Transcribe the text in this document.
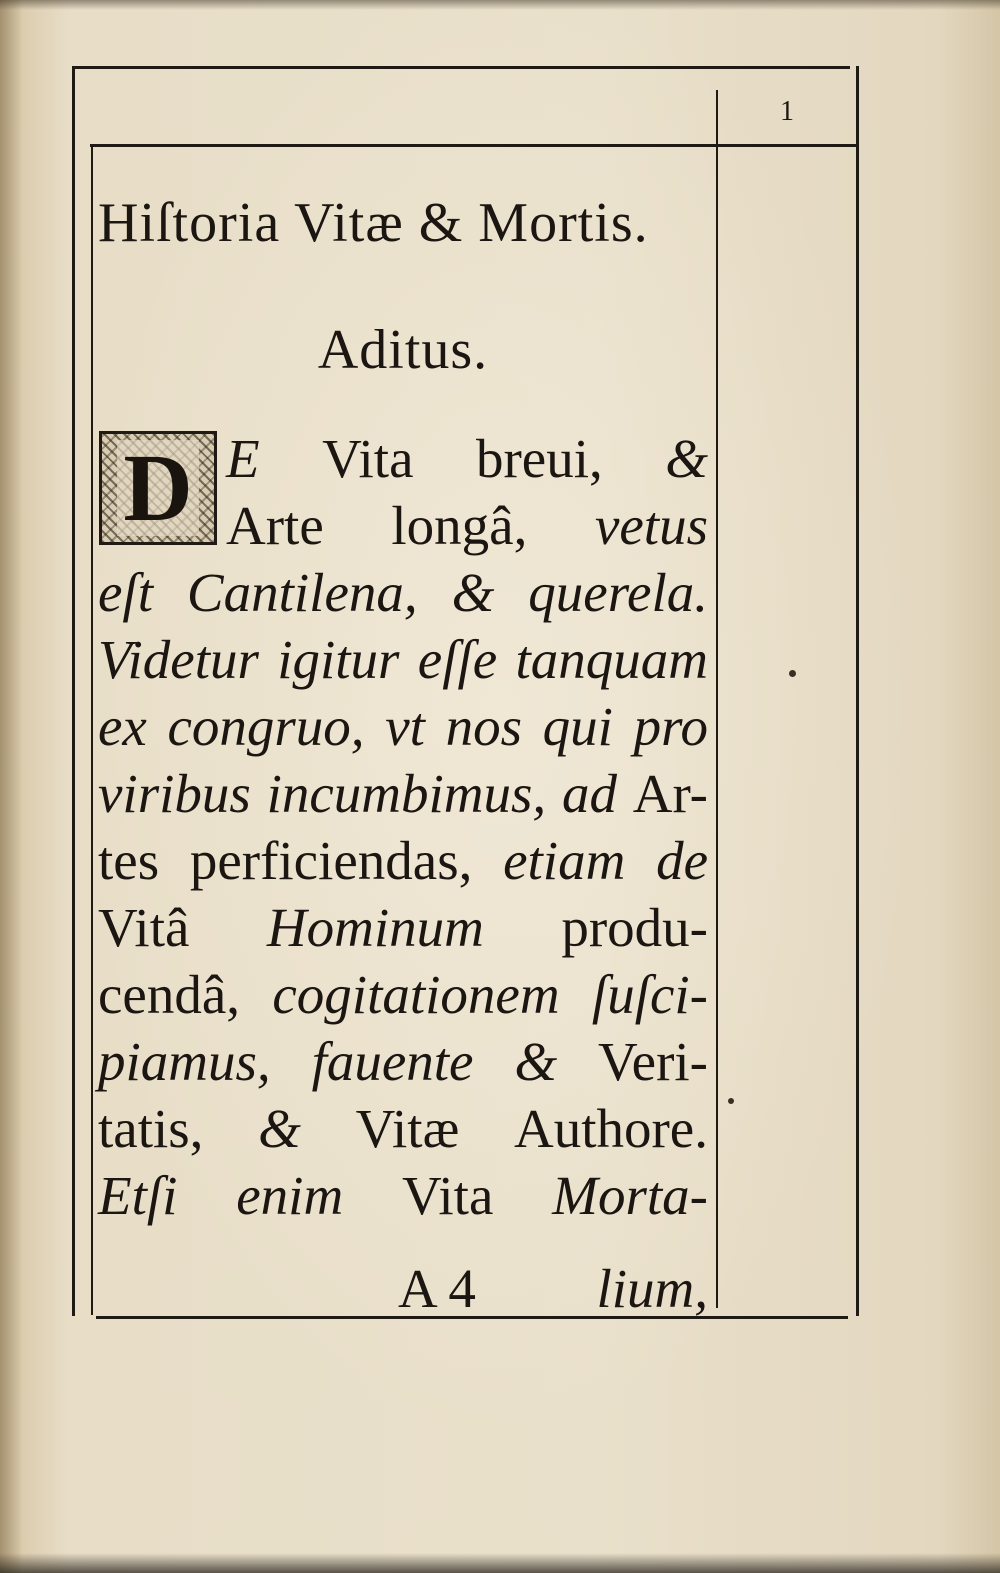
1
Hiſtoria Vitæ & Mortis.
Aditus.
D E Vita breui, &
Arte longâ, vetus
eſt Cantilena, & querela.
Videtur igitur eſſe tanquam
ex congruo, vt nos qui pro
viribus incumbimus, ad Ar-
tes perficiendas, etiam de
Vitâ Hominum produ-
cendâ, cogitationem ſuſci-
piamus, fauente & Veri-
tatis, & Vitæ Authore.
Etſi enim Vita Morta-
A 4 lium,
